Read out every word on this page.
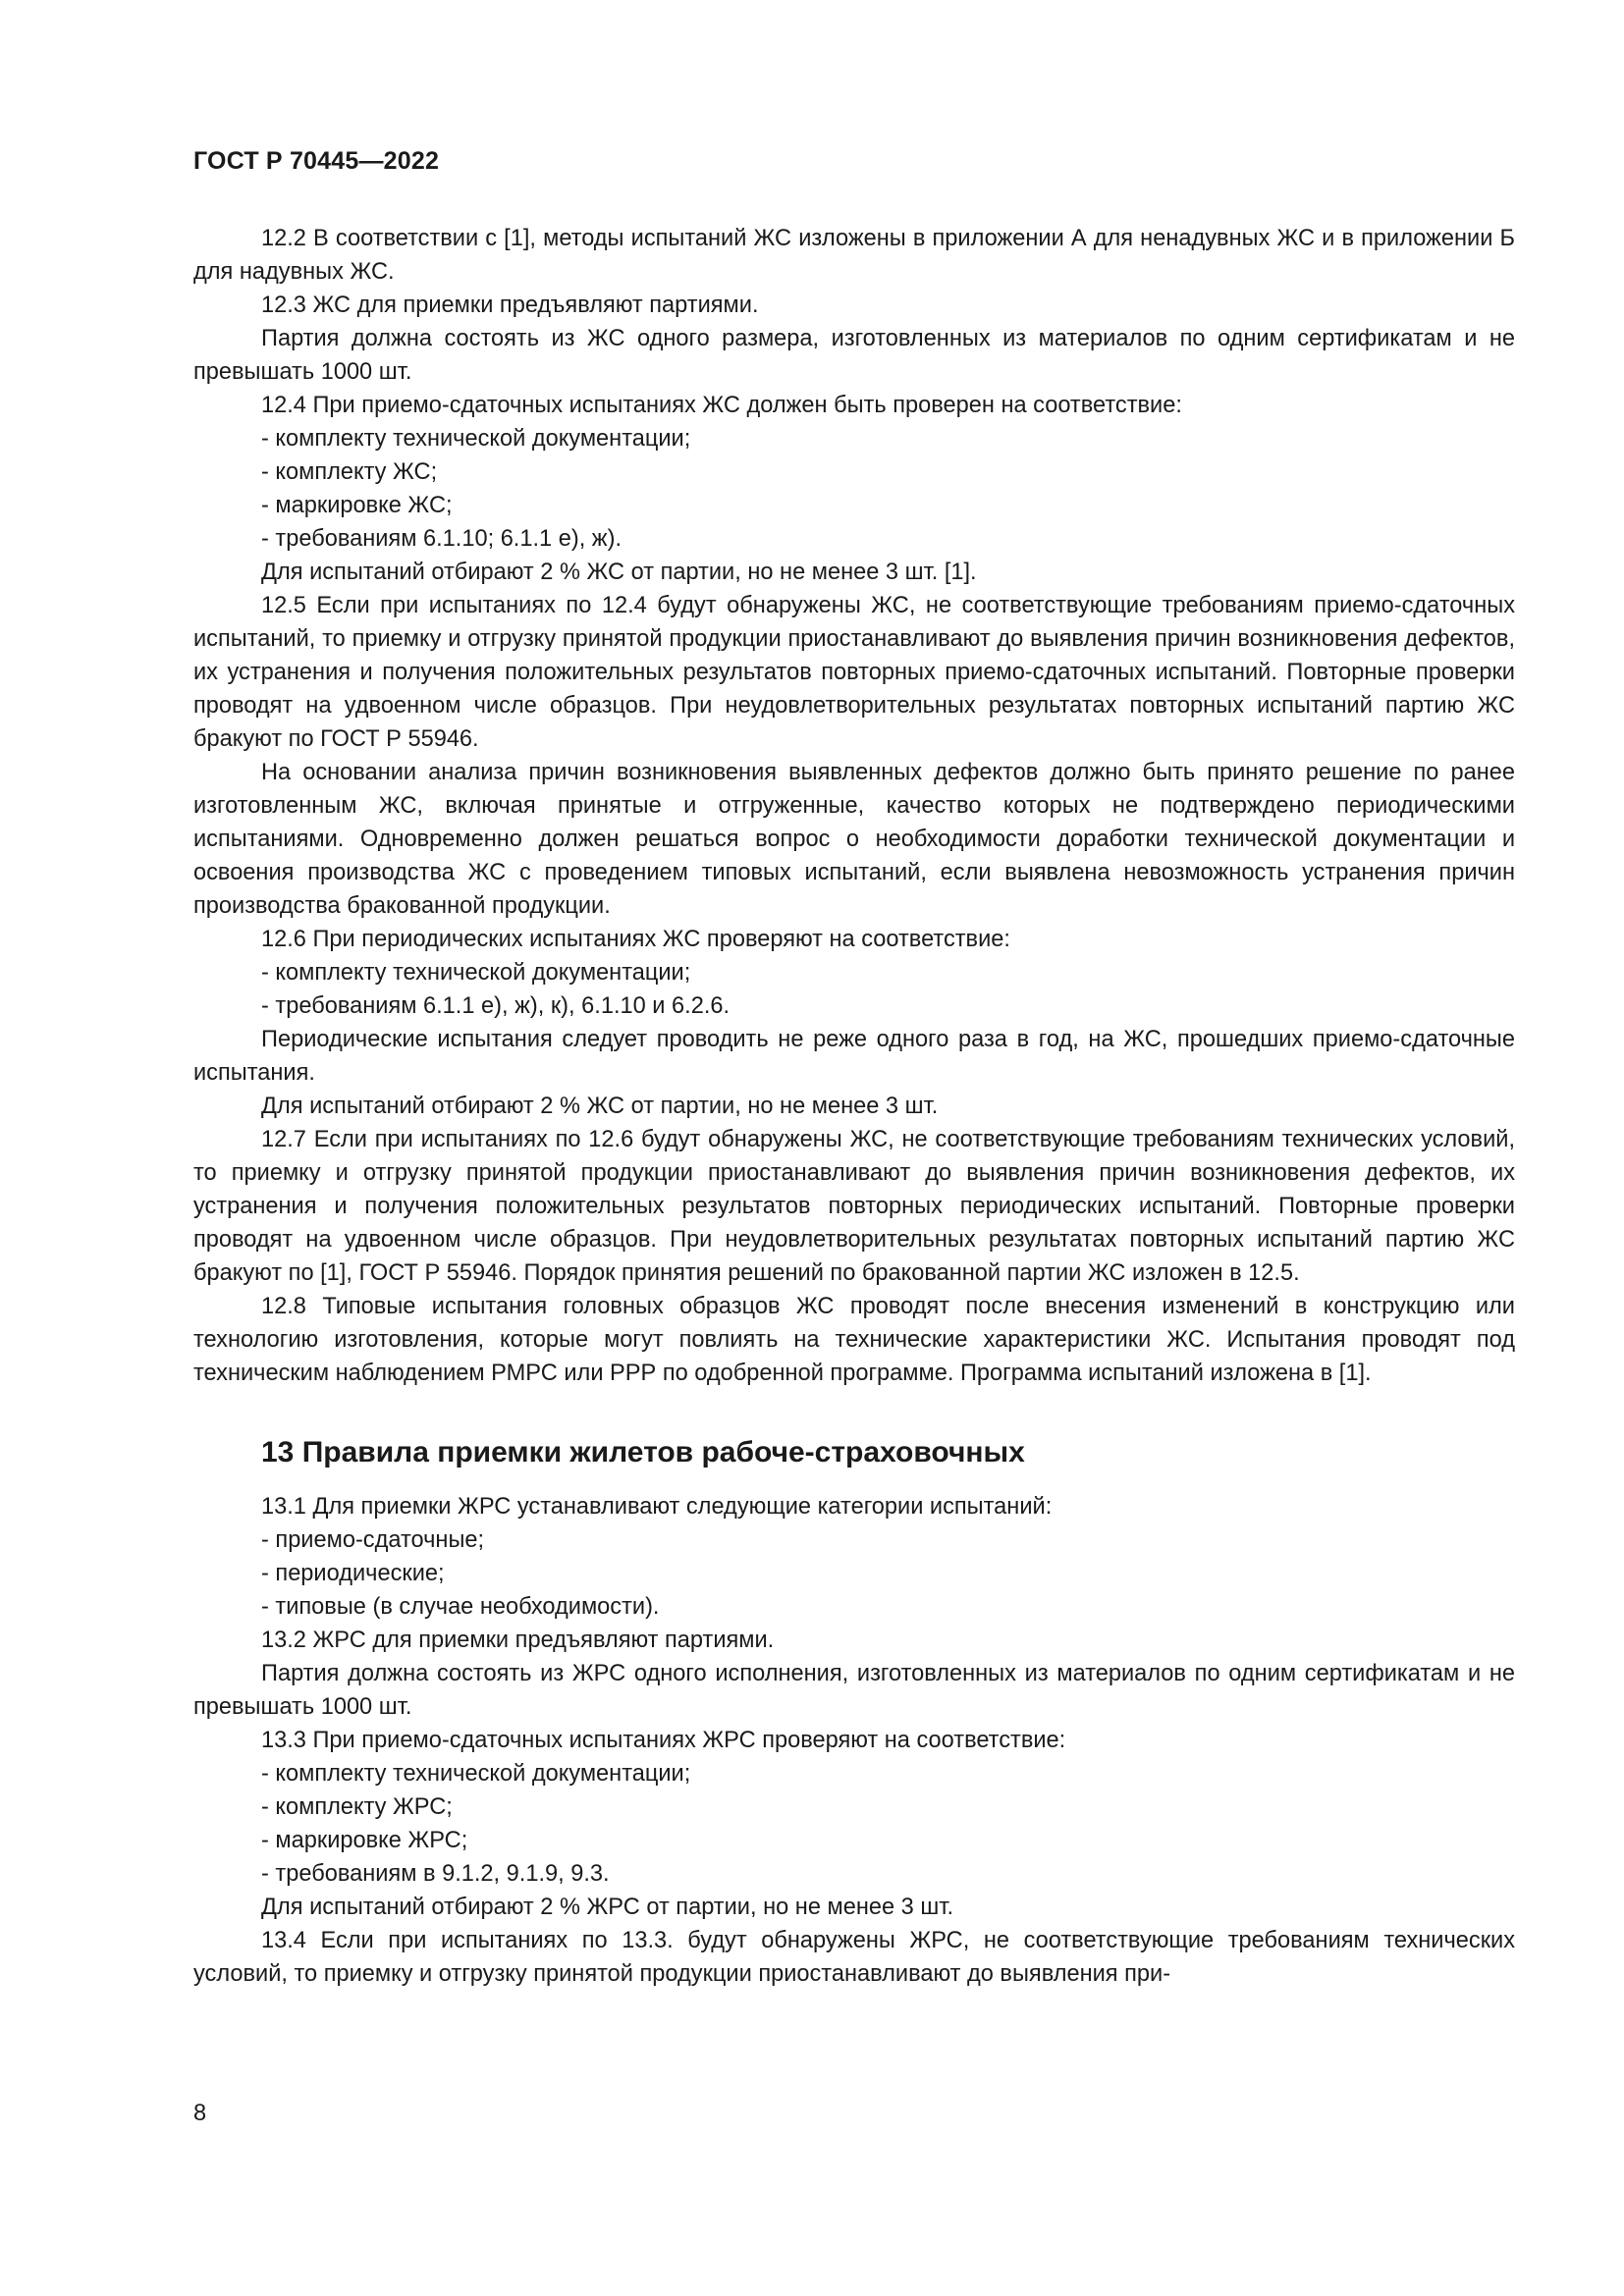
ГОСТ Р 70445—2022

12.2 В соответствии с [1], методы испытаний ЖС изложены в приложении А для ненадувных ЖС и в приложении Б для надувных ЖС.

12.3 ЖС для приемки предъявляют партиями.

Партия должна состоять из ЖС одного размера, изготовленных из материалов по одним сертификатам и не превышать 1000 шт.

12.4 При приемо-сдаточных испытаниях ЖС должен быть проверен на соответствие:

- комплекту технической документации;

- комплекту ЖС;

- маркировке ЖС;

- требованиям 6.1.10; 6.1.1 е), ж).

Для испытаний отбирают 2 % ЖС от партии, но не менее 3 шт. [1].

12.5 Если при испытаниях по 12.4 будут обнаружены ЖС, не соответствующие требованиям приемо-сдаточных испытаний, то приемку и отгрузку принятой продукции приостанавливают до выявления причин возникновения дефектов, их устранения и получения положительных результатов повторных приемо-сдаточных испытаний. Повторные проверки проводят на удвоенном числе образцов. При неудовлетворительных результатах повторных испытаний партию ЖС бракуют по ГОСТ Р 55946.

На основании анализа причин возникновения выявленных дефектов должно быть принято решение по ранее изготовленным ЖС, включая принятые и отгруженные, качество которых не подтверждено периодическими испытаниями. Одновременно должен решаться вопрос о необходимости доработки технической документации и освоения производства ЖС с проведением типовых испытаний, если выявлена невозможность устранения причин производства бракованной продукции.

12.6 При периодических испытаниях ЖС проверяют на соответствие:

- комплекту технической документации;

- требованиям 6.1.1 е), ж), к), 6.1.10 и 6.2.6.

Периодические испытания следует проводить не реже одного раза в год, на ЖС, прошедших приемо-сдаточные испытания.

Для испытаний отбирают 2 % ЖС от партии, но не менее 3 шт.

12.7 Если при испытаниях по 12.6 будут обнаружены ЖС, не соответствующие требованиям технических условий, то приемку и отгрузку принятой продукции приостанавливают до выявления причин возникновения дефектов, их устранения и получения положительных результатов повторных периодических испытаний. Повторные проверки проводят на удвоенном числе образцов. При неудовлетворительных результатах повторных испытаний партию ЖС бракуют по [1], ГОСТ Р 55946. Порядок принятия решений по бракованной партии ЖС изложен в 12.5.

12.8 Типовые испытания головных образцов ЖС проводят после внесения изменений в конструкцию или технологию изготовления, которые могут повлиять на технические характеристики ЖС. Испытания проводят под техническим наблюдением РМРС или РРР по одобренной программе. Программа испытаний изложена в [1].

13 Правила приемки жилетов рабоче-страховочных

13.1 Для приемки ЖРС устанавливают следующие категории испытаний:

- приемо-сдаточные;

- периодические;

- типовые (в случае необходимости).

13.2 ЖРС для приемки предъявляют партиями.

Партия должна состоять из ЖРС одного исполнения, изготовленных из материалов по одним сертификатам и не превышать 1000 шт.

13.3 При приемо-сдаточных испытаниях ЖРС проверяют на соответствие:

- комплекту технической документации;

- комплекту ЖРС;

- маркировке ЖРС;

- требованиям в 9.1.2, 9.1.9, 9.3.

Для испытаний отбирают 2 % ЖРС от партии, но не менее 3 шт.

13.4 Если при испытаниях по 13.3. будут обнаружены ЖРС, не соответствующие требованиям технических условий, то приемку и отгрузку принятой продукции приостанавливают до выявления при-

8
